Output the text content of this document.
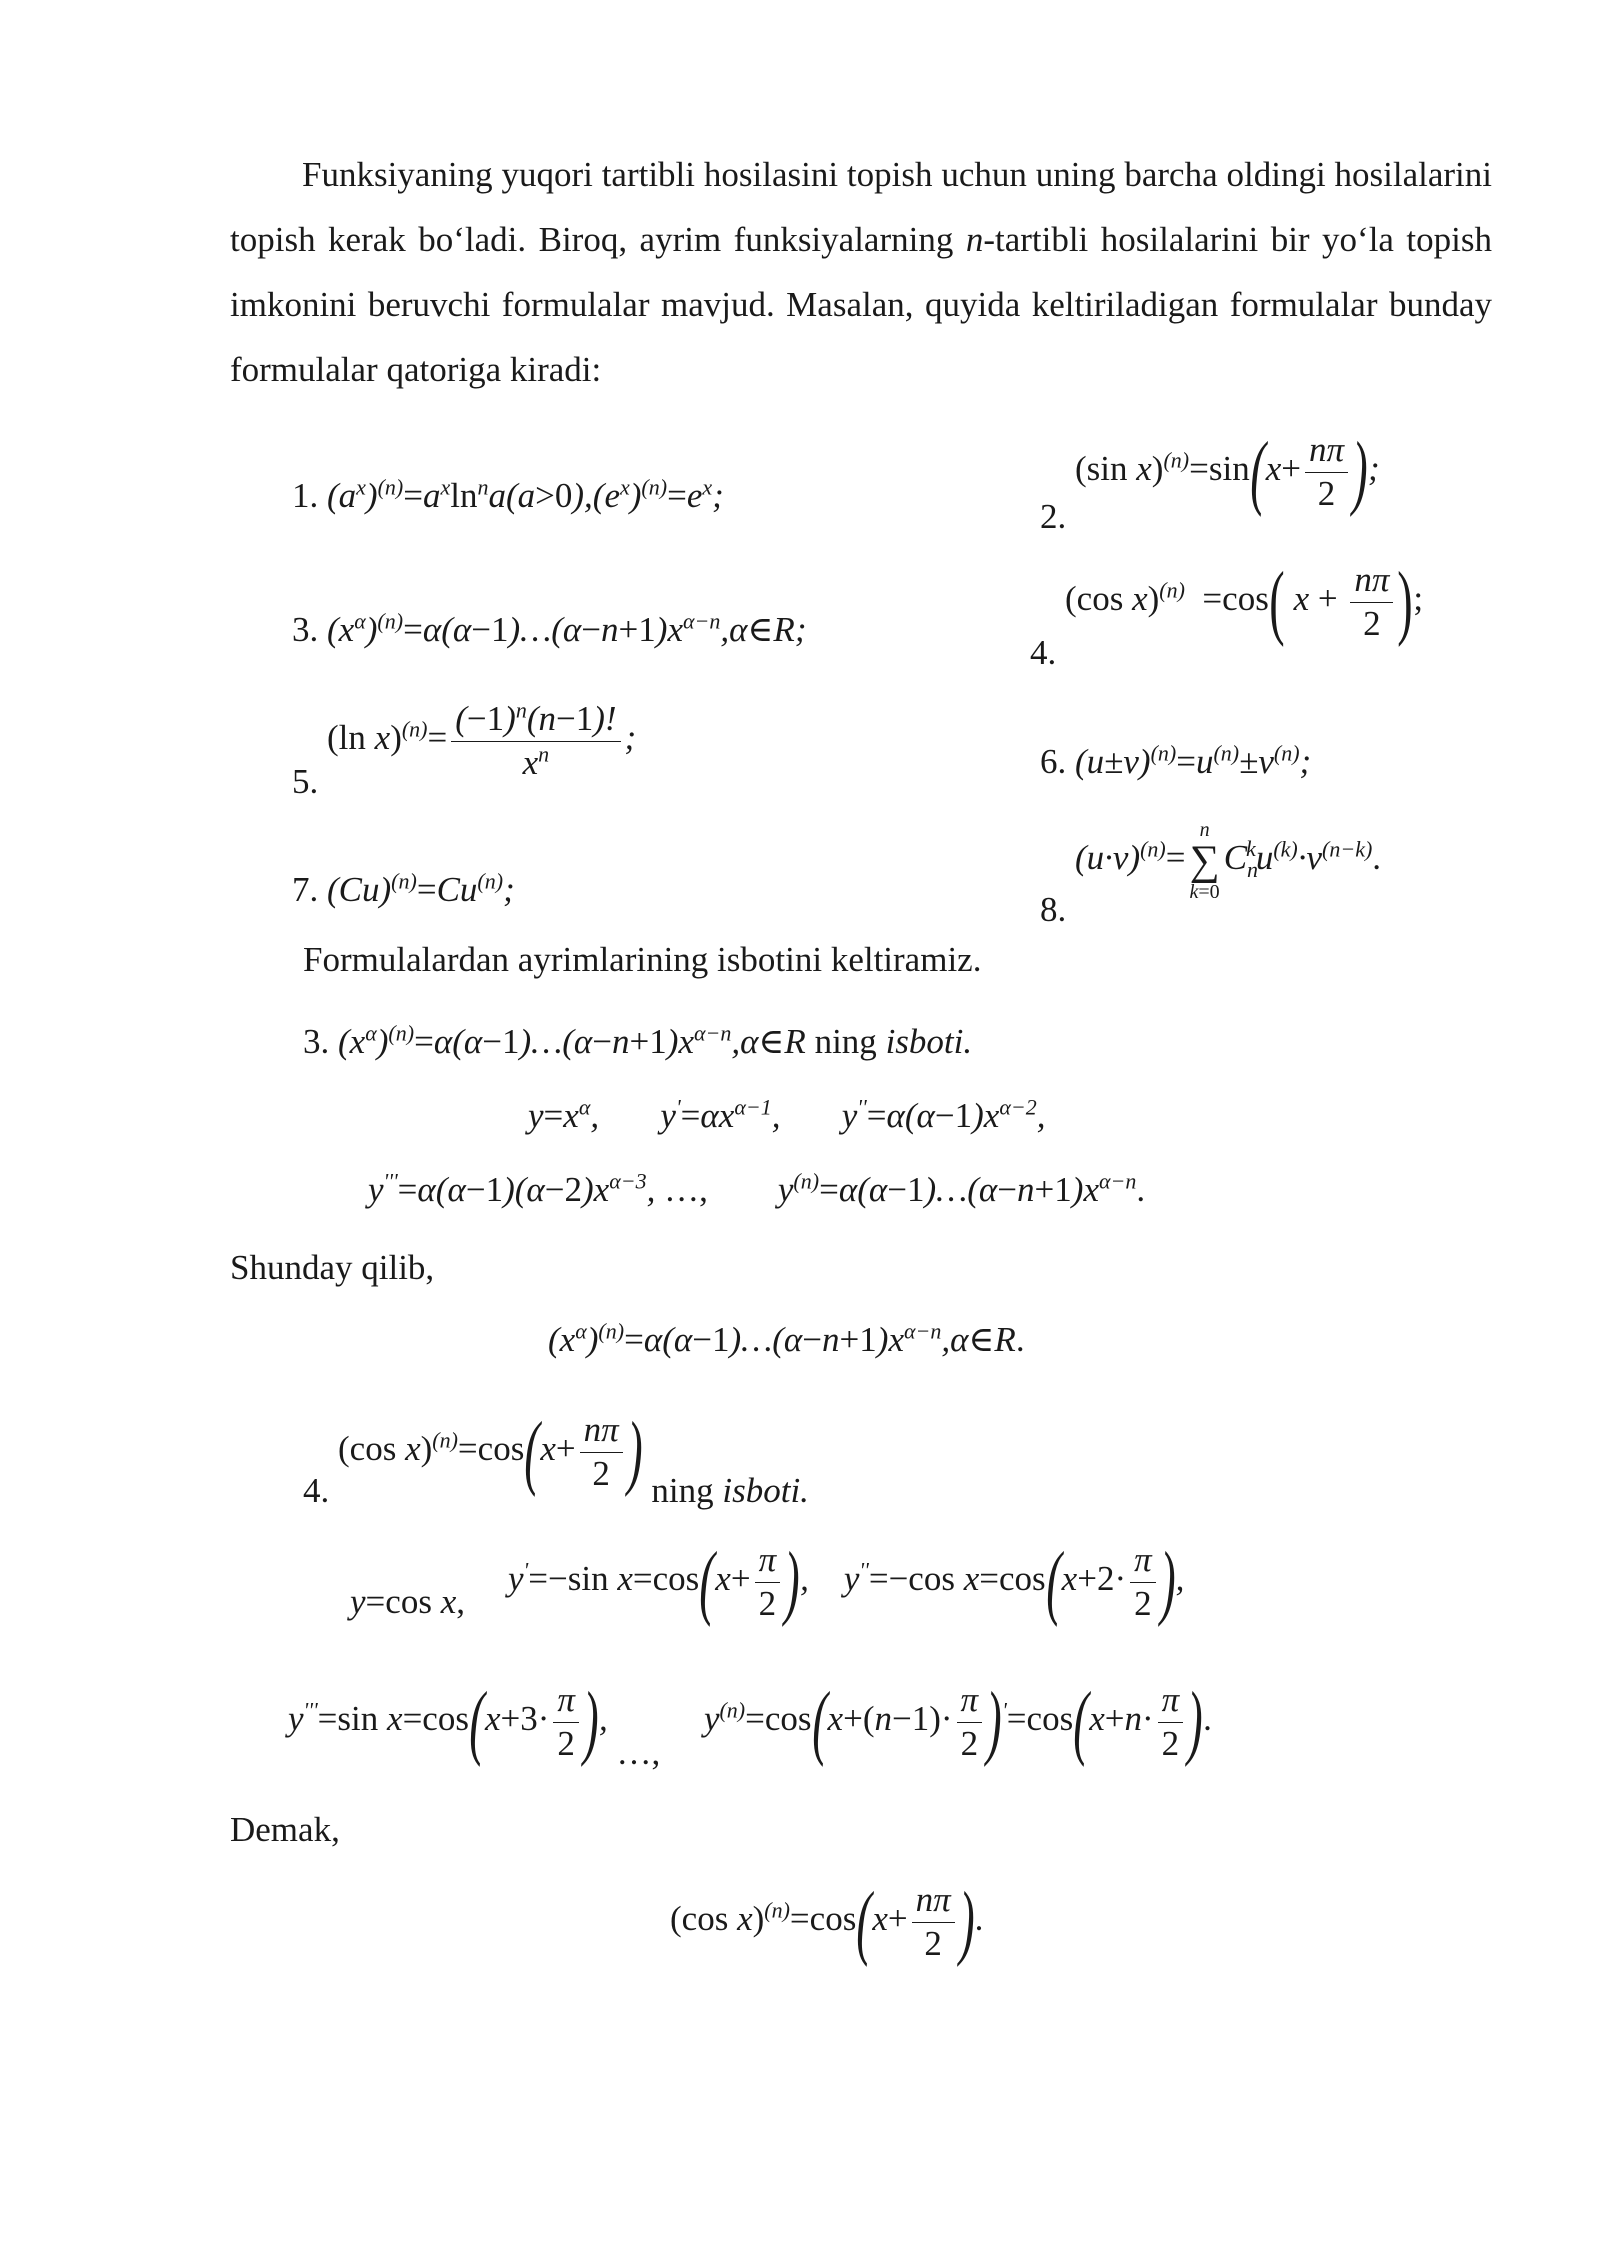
Funksiyaning yuqori tartibli hosilasini topish uchun uning barcha oldingi hosilalarini topish kerak bo‘ladi. Biroq, ayrim funksiyalarning n-tartibli hosilalarini bir yo‘la topish imkonini beruvchi formulalar mavjud. Masalan, quyida keltiriladigan formulalar bunday formulalar qatoriga kiradi:

1. $(a^x)^{(n)}=a^x\ln^na(a>0),(e^x)^{(n)}=e^x$;
2. (sin $x)^{(n)}=\sin(x+ \frac{n\pi}{2}$ );
3. $(x^\alpha)^{(n)}=\alpha(\alpha-1)\dots(\alpha-n+1)x^{\alpha-n},\alpha\in R$;
4. (cos x)$^{(n)}$  =cos( $x + \frac{n\pi}{2}$ );
5. (ln $x)^{(n)}= \frac{(-1)^n(n-1)!}{x^n}$ ;
6. $(u\pm v)^{(n)}=u^{(n)}\pm v^{(n)}$;
7. $(Cu)^{(n)}=Cu^{(n)}$;
8. $(u\cdot v)^{(n)}=$
n
∑
k=0
$C_n^ku^{(k)}\cdot v^{(n-k)}$.
Formulalardan ayrimlarining isbotini keltiramiz.
3. $(x^\alpha)^{(n)}=\alpha(\alpha-1)\dots(\alpha-n+1)x^{\alpha-n},\alpha\in R$ ning isboti.
$y=x^\alpha$,       $y'=\alpha x^{\alpha-1}$,       $y''=\alpha(\alpha-1)x^{\alpha-2}$,
$y'''=\alpha(\alpha-1)(\alpha-2)x^{\alpha-3}$, …,        $y^{(n)}=\alpha(\alpha-1)\dots(\alpha-n+1)x^{\alpha-n}$.
Shunday qilib,
$(x^\alpha)^{(n)}=\alpha(\alpha-1)\dots(\alpha-n+1)x^{\alpha-n},\alpha\in R$.
4. (cos $x)^{(n)}=\cos(x+ \frac{n\pi}{2}$ ) ning isboti.
y=cos x,
y'=−sin $x=\cos(x+ \frac{\pi}{2}$ ),    y''=−cos $x=\cos(x+2\cdot \frac{\pi}{2}$ ),
y'''=sin $x=\cos(x+3\cdot \frac{\pi}{2}$ ), …,     $y^{(n)}=\cos(x+(n-1)\cdot \frac{\pi}{2} )'=\cos(x+n\cdot \frac{\pi}{2}$ ).
Demak,
(cos $x)^{(n)}=\cos(x+ \frac{n\pi}{2}$ ).
